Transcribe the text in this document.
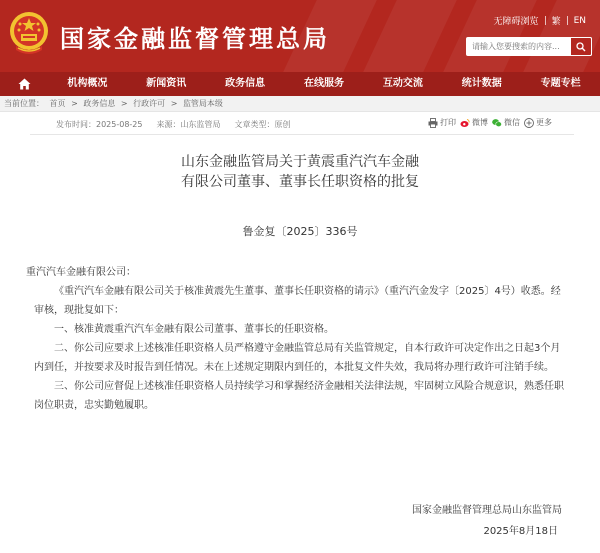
国家金融监督管理总局
无障碍浏览	繁	EN
请输入您要搜索的内容...
机构概况	新闻资讯	政务信息	在线服务	互动交流	统计数据	专题专栏
当前位置： 首页 > 政务信息 > 行政许可 > 监管局本级
发布时间：2025-08-25 来源：山东监管局 文章类型：原创	打印 微博 微信 更多
山东金融监管局关于黄震重汽汽车金融
有限公司董事、董事长任职资格的批复
鲁金复〔2025〕336号
重汽汽车金融有限公司：

《重汽汽车金融有限公司关于核准黄震先生董事、董事长任职资格的请示》（重汽汽金发字〔2025〕4号）收悉。经审核，现批复如下：

一、核准黄震重汽汽车金融有限公司董事、董事长的任职资格。

二、你公司应要求上述核准任职资格人员严格遵守金融监管总局有关监管规定，自本行政许可决定作出之日起3个月内到任，并按要求及时报告到任情况。未在上述规定期限内到任的，本批复文件失效，我局将办理行政许可注销手续。

三、你公司应督促上述核准任职资格人员持续学习和掌握经济金融相关法律法规，牢固树立风险合规意识，熟悉任职岗位职责，忠实勤勉履职。

国家金融监督管理总局山东监管局
2025年8月18日
